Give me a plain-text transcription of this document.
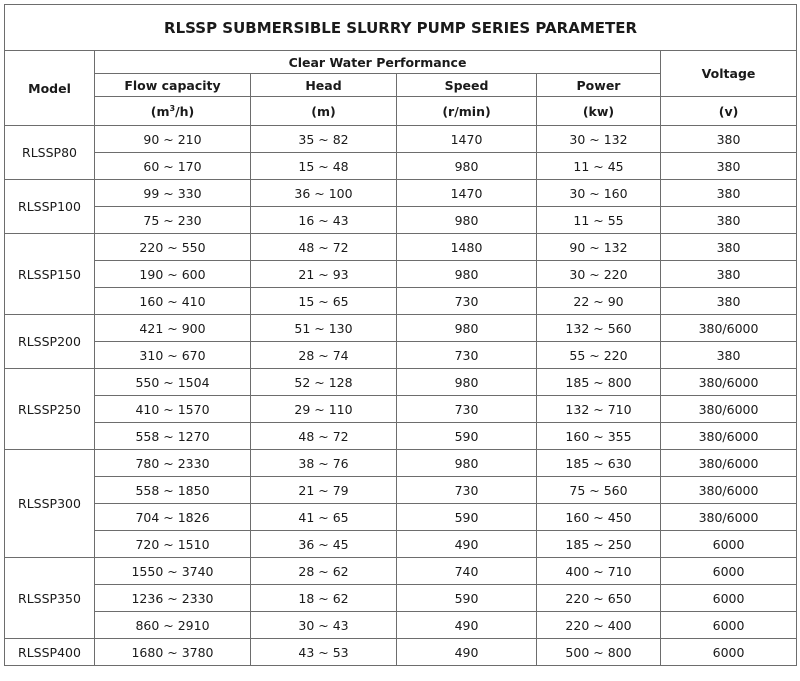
RLSSP SUBMERSIBLE SLURRY PUMP SERIES PARAMETER					
Model	Clear Water Performance				Voltage
	Flow capacity	Head	Speed	Power	
	$(m^3/h)$	(m)	(r/min)	(kw)	(v)
RLSSP80	90 ~ 210	35 ~ 82	1470	30 ~ 132	380
	60 ~ 170	15 ~ 48	980	11 ~ 45	380
RLSSP100	99 ~ 330	36 ~ 100	1470	30 ~ 160	380
	75 ~ 230	16 ~ 43	980	11 ~ 55	380
RLSSP150	220 ~ 550	48 ~ 72	1480	90 ~ 132	380
	190 ~ 600	21 ~ 93	980	30 ~ 220	380
	160 ~ 410	15 ~ 65	730	22 ~ 90	380
RLSSP200	421 ~ 900	51 ~ 130	980	132 ~ 560	380/6000
	310 ~ 670	28 ~ 74	730	55 ~ 220	380
RLSSP250	550 ~ 1504	52 ~ 128	980	185 ~ 800	380/6000
	410 ~ 1570	29 ~ 110	730	132 ~ 710	380/6000
	558 ~ 1270	48 ~ 72	590	160 ~ 355	380/6000
RLSSP300	780 ~ 2330	38 ~ 76	980	185 ~ 630	380/6000
	558 ~ 1850	21 ~ 79	730	75 ~ 560	380/6000
	704 ~ 1826	41 ~ 65	590	160 ~ 450	380/6000
	720 ~ 1510	36 ~ 45	490	185 ~ 250	6000
RLSSP350	1550 ~ 3740	28 ~ 62	740	400 ~ 710	6000
	1236 ~ 2330	18 ~ 62	590	220 ~ 650	6000
	860 ~ 2910	30 ~ 43	490	220 ~ 400	6000
RLSSP400	1680 ~ 3780	43 ~ 53	490	500 ~ 800	6000
